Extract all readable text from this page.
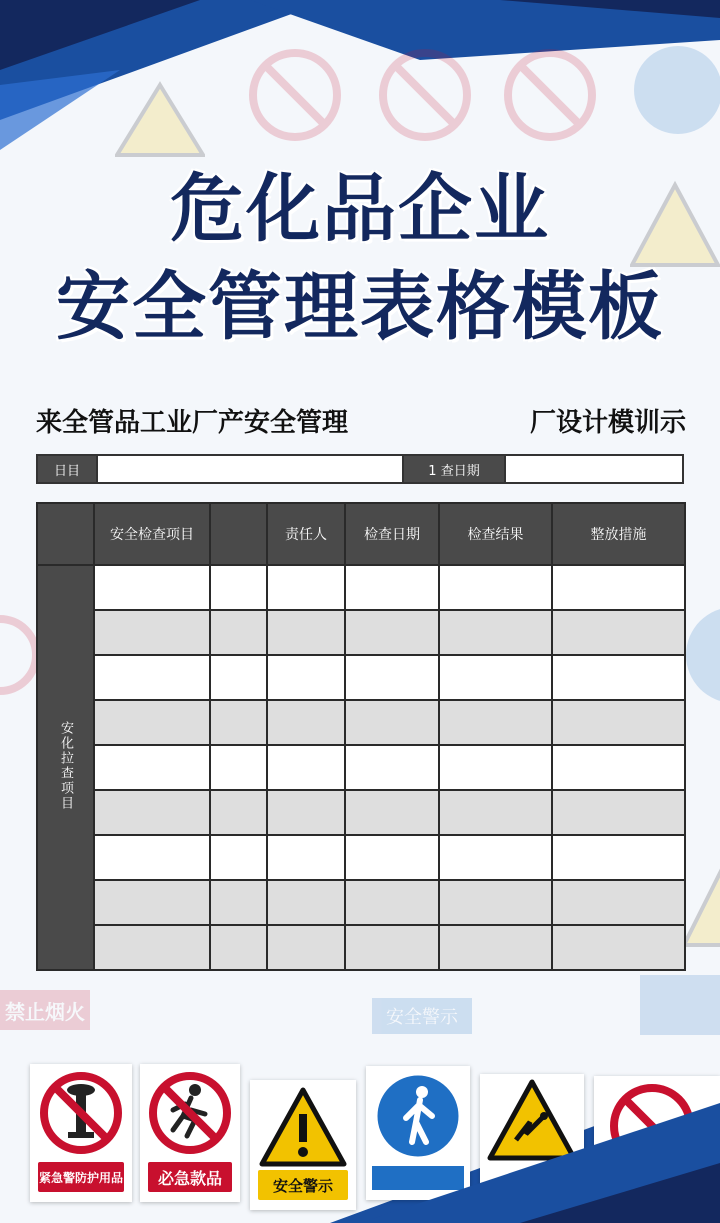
禁止烟火	安全警示
危化品企业
安全管理表格模板
来全管品工业厂产安全管理	厂设计模训示
日目	1 查日期
	安全检查项目		责任人	检查日期	检查结果	整放措施
安化拉查项目						

紧急警防护用品	必急款品	安全警示
